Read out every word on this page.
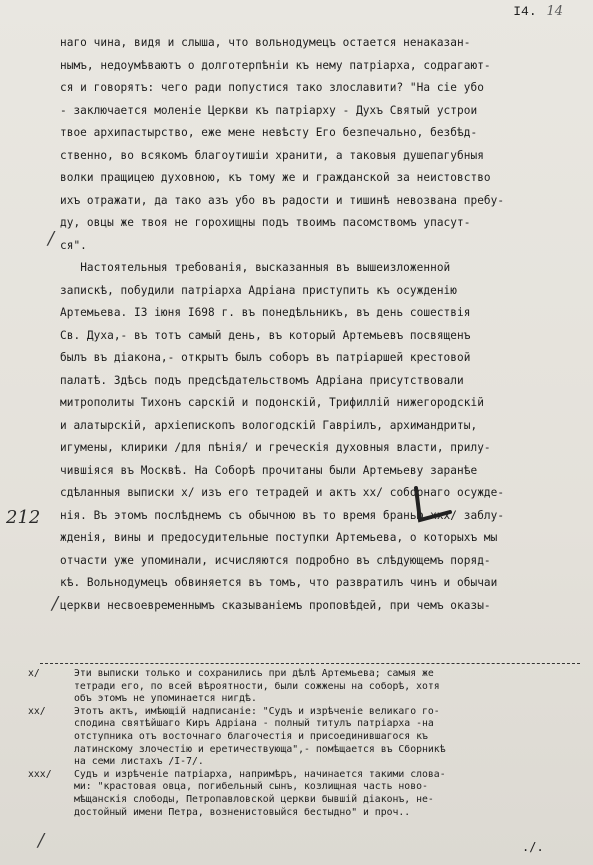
I4. 14

наго чина, видя и слыша, что вольнодумецъ остается ненаказан-
нымъ, недоумѣваютъ о долготерпѣніи къ нему патріарха, содрагают-
ся и говорятъ: чего ради попустися тако злославити? "На сіе убо
- заключается моленіе Церкви къ патріарху - Духъ Святый устрои
твое архипастырство, еже мене невѣсту Его безпечально, безбѣд-
ственно, во всякомъ благоутишіи хранити, а таковыя душепагубныя
волки пращицею духовною, къ тому же и гражданской за неистовство
ихъ отражати, да тако азъ убо въ радости и тишинѣ невозвана пребу-
ду, овцы же твоя не горохищны подъ твоимъ пасомствомъ упасут-
ся".

Настоятельныя требованія, высказанныя въ вышеизложенной
запискѣ, побудили патріарха Адріана приступить къ осужденію
Артемьева. I3 іюня I698 г. въ понедѣльникъ, въ день сошествія
Св. Духа,- въ тотъ самый день, въ который Артемьевъ посвященъ
былъ въ діакона,- открытъ былъ соборъ въ патріаршей крестовой
палатѣ. Здѣсь подъ предсѣдательствомъ Адріана присутствовали
митрополиты Тихонъ сарскій и подонскій, Трифиллій нижегородскій
и алатырскій, архіепископъ вологодскій Гавріилъ, архимандриты,
игумены, клирики /для пѣнія/ и греческія духовныя власти, прилу-
чившіяся въ Москвѣ. На Соборѣ прочитаны были Артемьеву заранѣе
сдѣланныя выписки x/ изъ его тетрадей и актъ xx/ соборнаго осужде-
нія. Въ этомъ послѣднемъ съ обычною въ то время бранью xxx/ заблу-
жденія, вины и предосудительные поступки Артемьева, о которыхъ мы
отчасти уже упоминали, исчисляются подробно въ слѣдующемъ поряд-
кѣ. Вольнодумецъ обвиняется въ томъ, что развратилъ чинъ и обычаи
церкви несвоевременнымъ сказываніемъ проповѣдей, при чемъ оказы-

/
/
/
212
x/	Эти выписки только и сохранились при дѣлѣ Артемьева; самыя же
тетради его, по всей вѣроятности, были сожжены на соборѣ, хотя
объ этомъ не упоминается нигдѣ.
xx/	Этотъ актъ, имѣющій надписаніе: "Судъ и изрѣченіе великаго го-
сподина святѣйшаго Киръ Адріана - полный титулъ патріарха -на
отступника отъ восточнаго благочестія и присоединившагося къ
латинскому злочестію и еретичествующа",- помѣщается въ Сборникѣ
на семи листахъ /I-7/.
xxx/	Судъ и изрѣченіе патріарха, напримѣръ, начинается такими слова-
ми: "крастовая овца, погибельный сынъ, козлищная часть ново-
мѣщанскія слободы, Петропавловской церкви бывшій діаконъ, не-
достойный имени Петра, возненистовыйся бестыдно" и проч..
./.
